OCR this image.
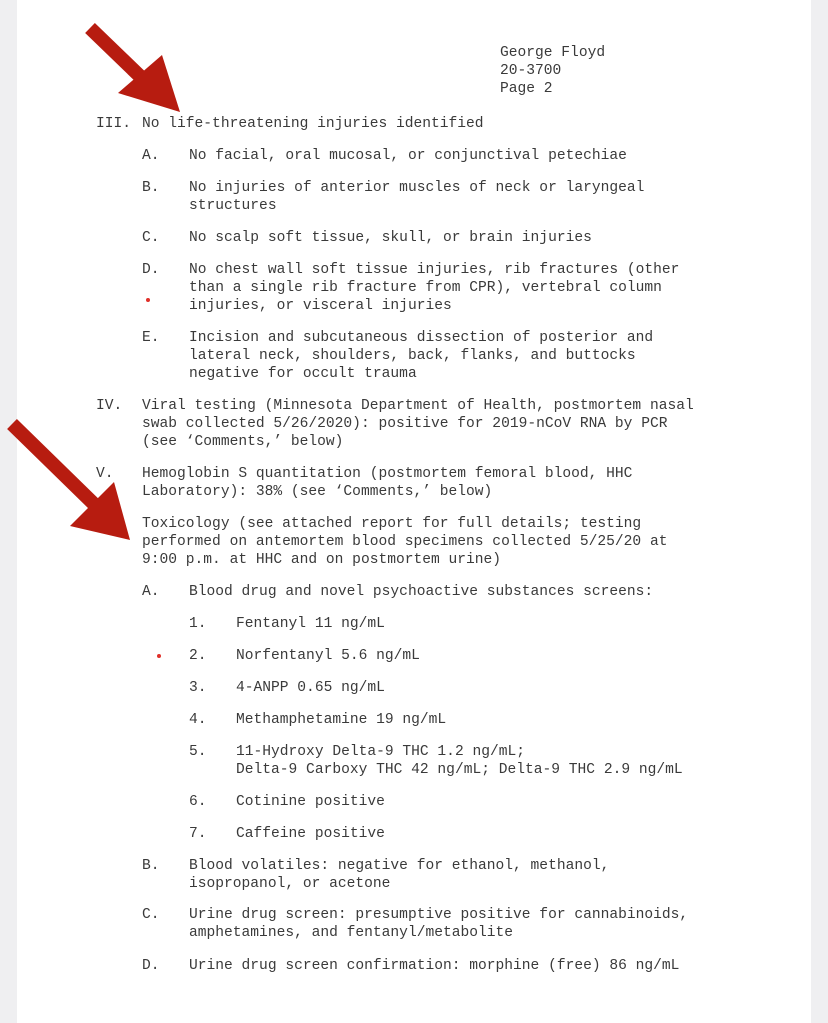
George Floyd

20-3700

Page 2

III. No life-threatening injuries identified

A. No facial, oral mucosal, or conjunctival petechiae

B. No injuries of anterior muscles of neck or laryngeal

structures

C. No scalp soft tissue, skull, or brain injuries

D. No chest wall soft tissue injuries, rib fractures (other

than a single rib fracture from CPR), vertebral column

injuries, or visceral injuries

E. Incision and subcutaneous dissection of posterior and

lateral neck, shoulders, back, flanks, and buttocks

negative for occult trauma

IV. Viral testing (Minnesota Department of Health, postmortem nasal

swab collected 5/26/2020): positive for 2019-nCoV RNA by PCR

(see ‘Comments,’ below)

V. Hemoglobin S quantitation (postmortem femoral blood, HHC

Laboratory): 38% (see ‘Comments,’ below)

Toxicology (see attached report for full details; testing

performed on antemortem blood specimens collected 5/25/20 at

9:00 p.m. at HHC and on postmortem urine)

A. Blood drug and novel psychoactive substances screens:

1. Fentanyl 11 ng/mL

2. Norfentanyl 5.6 ng/mL

3. 4-ANPP 0.65 ng/mL

4. Methamphetamine 19 ng/mL

5. 11-Hydroxy Delta-9 THC 1.2 ng/mL;

Delta-9 Carboxy THC 42 ng/mL; Delta-9 THC 2.9 ng/mL

6. Cotinine positive

7. Caffeine positive

B. Blood volatiles: negative for ethanol, methanol,

isopropanol, or acetone

C. Urine drug screen: presumptive positive for cannabinoids,

amphetamines, and fentanyl/metabolite

D. Urine drug screen confirmation: morphine (free) 86 ng/mL
